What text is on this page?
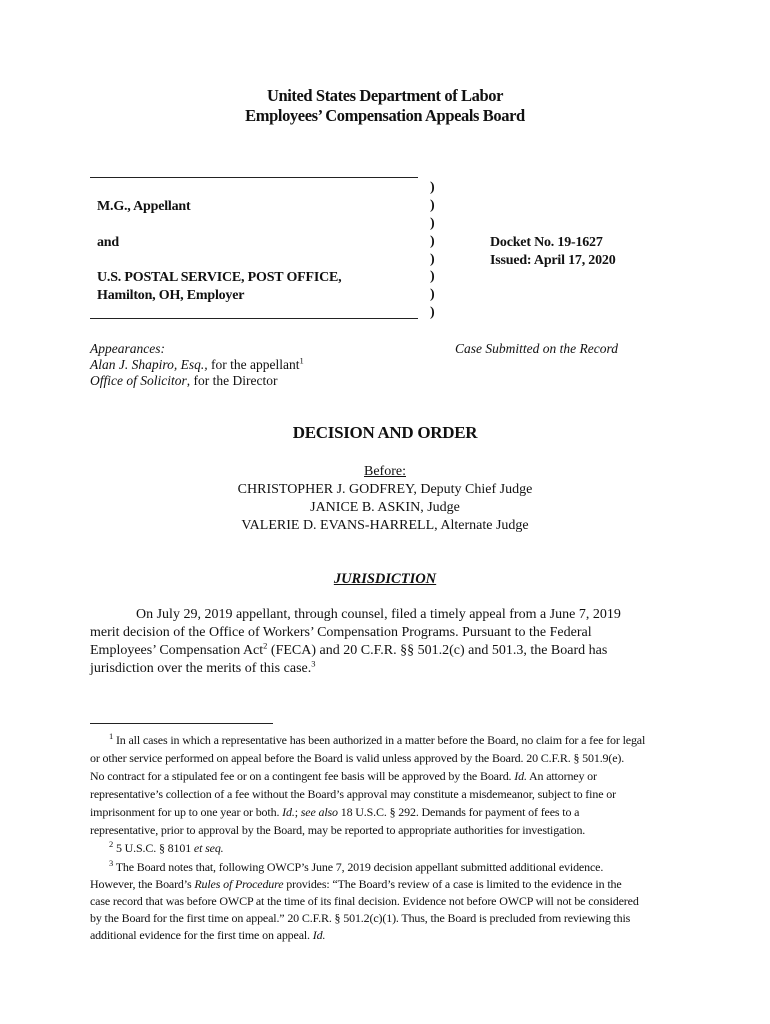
United States Department of Labor
Employees’ Compensation Appeals Board
M.G., Appellant
and
U.S. POSTAL SERVICE, POST OFFICE,
Hamilton, OH, Employer
)
)
)
)
)
)
)
)
Docket No. 19-1627
Issued: April 17, 2020
Appearances:
Alan J. Shapiro, Esq., for the appellant$^1$
Office of Solicitor, for the Director
Case Submitted on the Record
DECISION AND ORDER
Before:
CHRISTOPHER J. GODFREY, Deputy Chief Judge
JANICE B. ASKIN, Judge
VALERIE D. EVANS-HARRELL, Alternate Judge
JURISDICTION
On July 29, 2019 appellant, through counsel, filed a timely appeal from a June 7, 2019
merit decision of the Office of Workers’ Compensation Programs. Pursuant to the Federal
Employees’ Compensation Act$^2$ (FECA) and 20 C.F.R. §§ 501.2(c) and 501.3, the Board has
jurisdiction over the merits of this case.$^3$
$^1$ In all cases in which a representative has been authorized in a matter before the Board, no claim for a fee for legal
or other service performed on appeal before the Board is valid unless approved by the Board. 20 C.F.R. § 501.9(e).
No contract for a stipulated fee or on a contingent fee basis will be approved by the Board. Id. An attorney or
representative’s collection of a fee without the Board’s approval may constitute a misdemeanor, subject to fine or
imprisonment for up to one year or both. Id.; see also 18 U.S.C. § 292. Demands for payment of fees to a
representative, prior to approval by the Board, may be reported to appropriate authorities for investigation.
$^2$ 5 U.S.C. § 8101 et seq.
$^3$ The Board notes that, following OWCP’s June 7, 2019 decision appellant submitted additional evidence.
However, the Board’s Rules of Procedure provides: “The Board’s review of a case is limited to the evidence in the
case record that was before OWCP at the time of its final decision. Evidence not before OWCP will not be considered
by the Board for the first time on appeal.” 20 C.F.R. § 501.2(c)(1). Thus, the Board is precluded from reviewing this
additional evidence for the first time on appeal. Id.
